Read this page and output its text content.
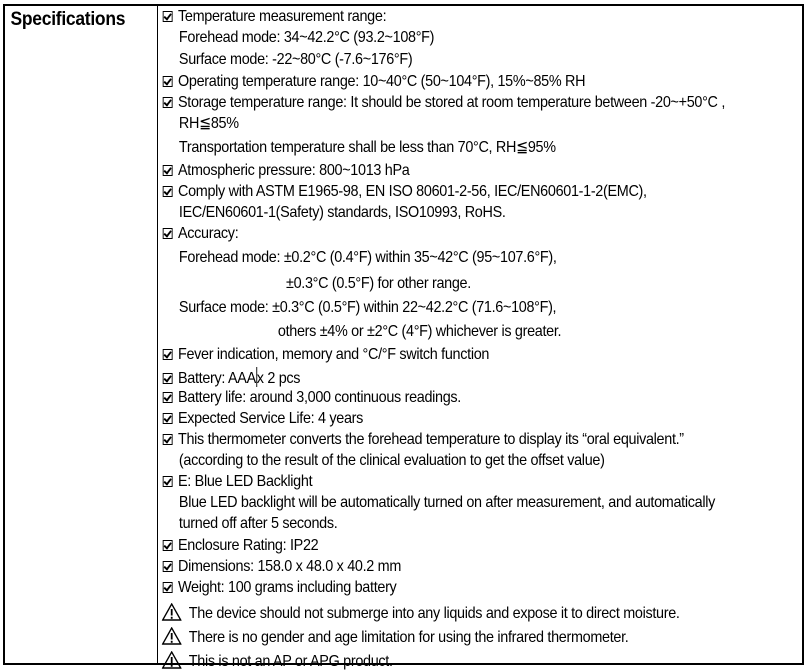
Specifications	Temperature measurement range:
Forehead mode: 34~42.2°C (93.2~108°F)
Surface mode: -22~80°C (-7.6~176°F)
Operating temperature range: 10~40°C (50~104°F), 15%~85% RH
Storage temperature range: It should be stored at room temperature between -20~+50°C ,
RH≦85%
Transportation temperature shall be less than 70°C, RH≦95%
Atmospheric pressure: 800~1013 hPa
Comply with ASTM E1965-98, EN ISO 80601-2-56, IEC/EN60601-1-2(EMC),
IEC/EN60601-1(Safety) standards, ISO10993, RoHS.
Accuracy:
Forehead mode: ±0.2°C (0.4°F) within 35~42°C (95~107.6°F),
±0.3°C (0.5°F) for other range.
Surface mode: ±0.3°C (0.5°F) within 22~42.2°C (71.6~108°F),
others ±4% or ±2°C (4°F) whichever is greater.
Fever indication, memory and °C/°F switch function
Battery: AAAx 2 pcs
Battery life: around 3,000 continuous readings.
Expected Service Life: 4 years
This thermometer converts the forehead temperature to display its “oral equivalent.”
(according to the result of the clinical evaluation to get the offset value)
E: Blue LED Backlight
Blue LED backlight will be automatically turned on after measurement, and automatically
turned off after 5 seconds.
Enclosure Rating: IP22
Dimensions: 158.0 x 48.0 x 40.2 mm
Weight: 100 grams including battery
The device should not submerge into any liquids and expose it to direct moisture.
There is no gender and age limitation for using the infrared thermometer.
This is not an AP or APG product.
